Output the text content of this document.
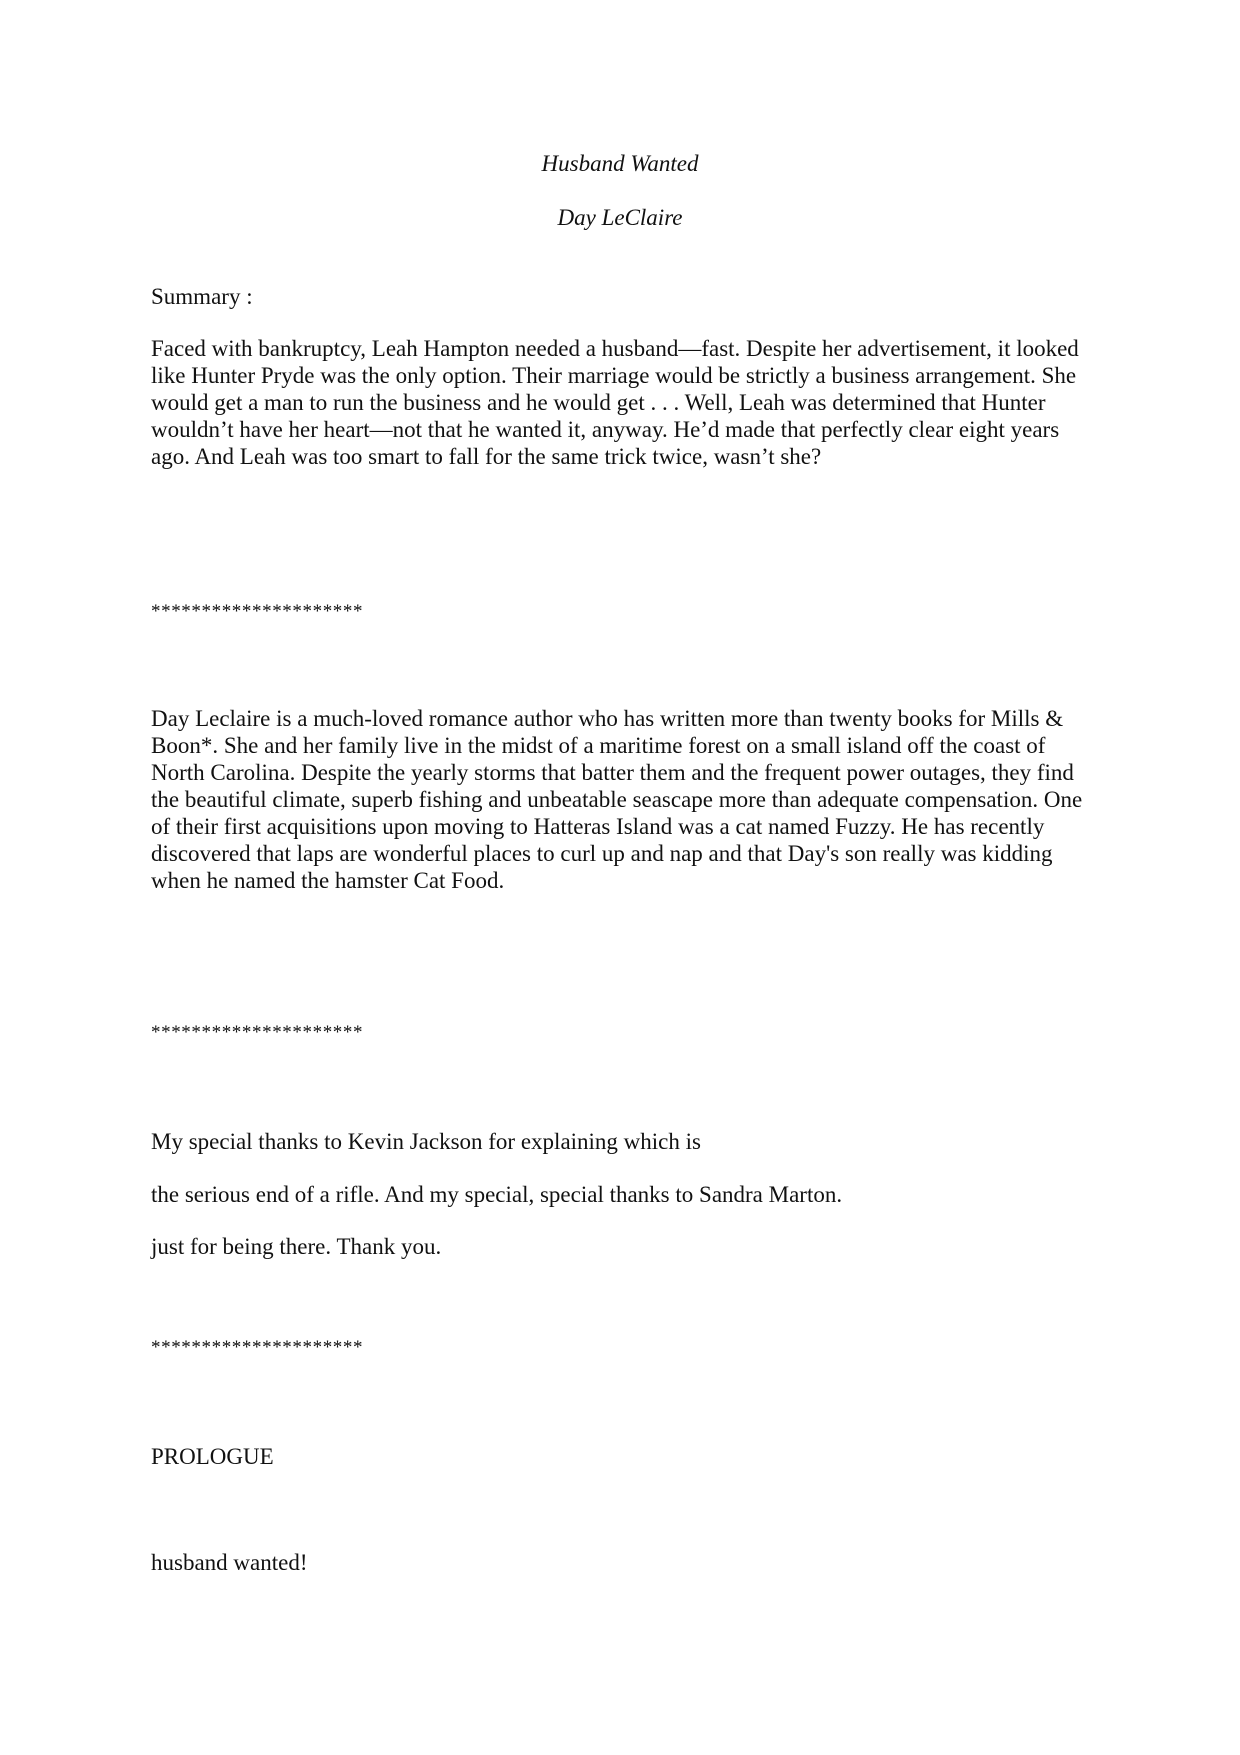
Husband Wanted
Day LeClaire
Summary :
Faced with bankruptcy, Leah Hampton needed a husband—fast. Despite her advertisement, it looked
like Hunter Pryde was the only option. Their marriage would be strictly a business arrangement. She
would get a man to run the business and he would get . . . Well, Leah was determined that Hunter
wouldn’t have her heart—not that he wanted it, anyway. He’d made that perfectly clear eight years
ago. And Leah was too smart to fall for the same trick twice, wasn’t she?
*********************
Day Leclaire is a much-loved romance author who has written more than twenty books for Mills &
Boon*. She and her family live in the midst of a maritime forest on a small island off the coast of
North Carolina. Despite the yearly storms that batter them and the frequent power outages, they find
the beautiful climate, superb fishing and unbeatable seascape more than adequate compensation. One
of their first acquisitions upon moving to Hatteras Island was a cat named Fuzzy. He has recently
discovered that laps are wonderful places to curl up and nap and that Day's son really was kidding
when he named the hamster Cat Food.
*********************
My special thanks to Kevin Jackson for explaining which is
the serious end of a rifle. And my special, special thanks to Sandra Marton.
just for being there. Thank you.
*********************
PROLOGUE
husband wanted!
